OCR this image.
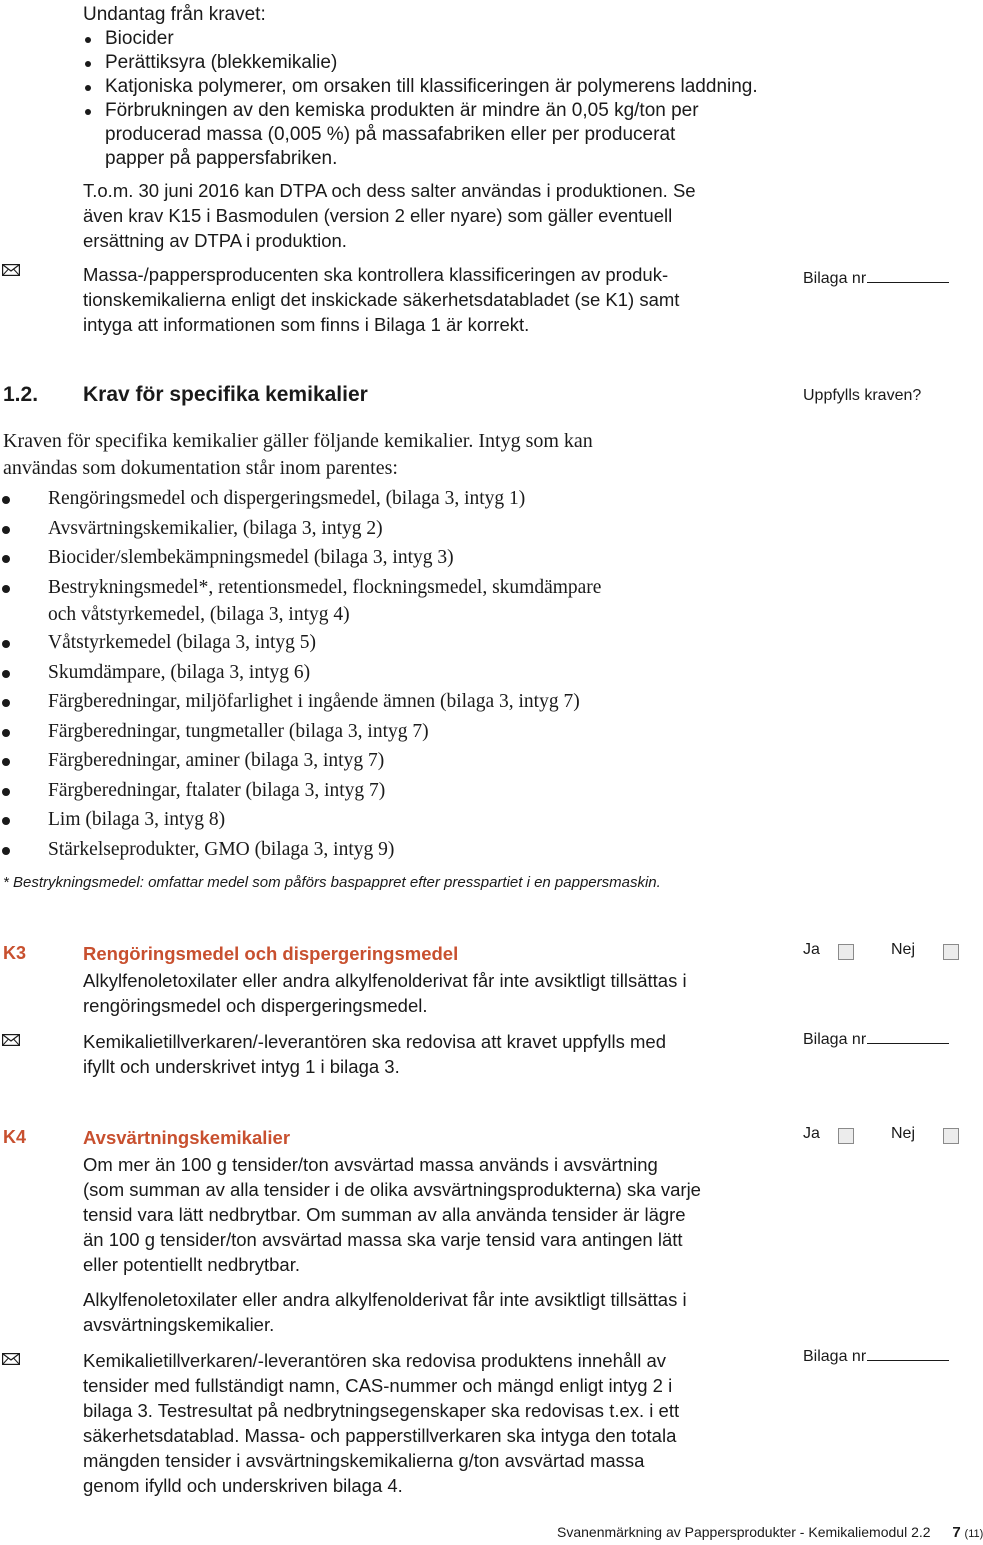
Undantag från kravet:
Biocider
Perättiksyra (blekkemikalie)
Katjoniska polymerer, om orsaken till klassificeringen är polymerens laddning.
Förbrukningen av den kemiska produkten är mindre än 0,05 kg/ton per
producerad massa (0,005 %) på massafabriken eller per producerat
papper på pappersfabriken.
T.o.m. 30 juni 2016 kan DTPA och dess salter användas i produktionen. Se
även krav K15 i Basmodulen (version 2 eller nyare) som gäller eventuell
ersättning av DTPA i produktion.
Massa-/pappersproducenten ska kontrollera klassificeringen av produk-
tionskemikalierna enligt det inskickade säkerhetsdatabladet (se K1) samt
intyga att informationen som finns i Bilaga 1 är korrekt.
Bilaga nr
1.2. Krav för specifika kemikalier	Uppfylls kraven?
Kraven för specifika kemikalier gäller följande kemikalier. Intyg som kan
användas som dokumentation står inom parentes:
Rengöringsmedel och dispergeringsmedel, (bilaga 3, intyg 1)
Avsvärtningskemikalier, (bilaga 3, intyg 2)
Biocider/slembekämpningsmedel (bilaga 3, intyg 3)
Bestrykningsmedel*, retentionsmedel, flockningsmedel, skumdämpare
och våtstyrkemedel, (bilaga 3, intyg 4)
Våtstyrkemedel (bilaga 3, intyg 5)
Skumdämpare, (bilaga 3, intyg 6)
Färgberedningar, miljöfarlighet i ingående ämnen (bilaga 3, intyg 7)
Färgberedningar, tungmetaller (bilaga 3, intyg 7)
Färgberedningar, aminer (bilaga 3, intyg 7)
Färgberedningar, ftalater (bilaga 3, intyg 7)
Lim (bilaga 3, intyg 8)
Stärkelseprodukter, GMO (bilaga 3, intyg 9)
* Bestrykningsmedel: omfattar medel som påförs baspappret efter presspartiet i en pappersmaskin.
K3	Rengöringsmedel och dispergeringsmedel	Ja	Nej
Alkylfenoletoxilater eller andra alkylfenolderivat får inte avsiktligt tillsättas i
rengöringsmedel och dispergeringsmedel.
Kemikalietillverkaren/-leverantören ska redovisa att kravet uppfylls med
ifyllt och underskrivet intyg 1 i bilaga 3.
Bilaga nr
K4	Avsvärtningskemikalier	Ja	Nej
Om mer än 100 g tensider/ton avsvärtad massa används i avsvärtning
(som summan av alla tensider i de olika avsvärtningsprodukterna) ska varje
tensid vara lätt nedbrytbar. Om summan av alla använda tensider är lägre
än 100 g tensider/ton avsvärtad massa ska varje tensid vara antingen lätt
eller potentiellt nedbrytbar.
Alkylfenoletoxilater eller andra alkylfenolderivat får inte avsiktligt tillsättas i
avsvärtningskemikalier.
Kemikalietillverkaren/-leverantören ska redovisa produktens innehåll av
tensider med fullständigt namn, CAS-nummer och mängd enligt intyg 2 i
bilaga 3. Testresultat på nedbrytningsegenskaper ska redovisas t.ex. i ett
säkerhetsdatablad. Massa- och papperstillverkaren ska intyga den totala
mängden tensider i avsvärtningskemikalierna g/ton avsvärtad massa
genom ifylld och underskriven bilaga 4.
Bilaga nr
Svanenmärkning av Pappersprodukter - Kemikaliemodul 2.2 7 (11)
